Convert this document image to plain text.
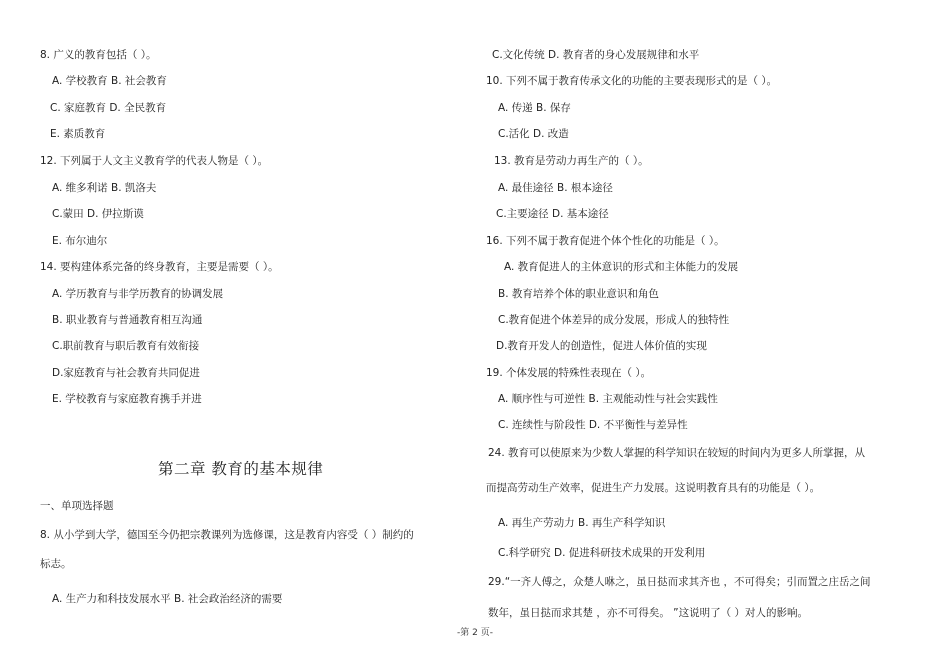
8. 广义的教育包括（ ）。
A. 学校教育 B. 社会教育
C. 家庭教育 D. 全民教育
E. 素质教育
12. 下列属于人文主义教育学的代表人物是（ ）。
A. 维多利诺 B. 凯洛夫
C.蒙田 D. 伊拉斯谟
E. 布尔迪尔
14. 要构建体系完备的终身教育，主要是需要（ ）。
A. 学历教育与非学历教育的协调发展
B. 职业教育与普通教育相互沟通
C.职前教育与职后教育有效衔接
D.家庭教育与社会教育共同促进
E. 学校教育与家庭教育携手并进
第二章 教育的基本规律
一、单项选择题
8. 从小学到大学，德国至今仍把宗教课列为选修课，这是教育内容受（ ）制约的
标志。
A. 生产力和科技发展水平 B. 社会政治经济的需要
C.文化传统 D. 教育者的身心发展规律和水平
10. 下列不属于教育传承文化的功能的主要表现形式的是（ ）。
A. 传递 B. 保存
C.活化 D. 改造
13. 教育是劳动力再生产的（ ）。
A. 最佳途径 B. 根本途径
C.主要途径 D. 基本途径
16. 下列不属于教育促进个体个性化的功能是（ ）。
A. 教育促进人的主体意识的形式和主体能力的发展
B. 教育培养个体的职业意识和角色
C.教育促进个体差异的成分发展，形成人的独特性
D.教育开发人的创造性，促进人体价值的实现
19. 个体发展的特殊性表现在（ ）。
A. 顺序性与可逆性 B. 主观能动性与社会实践性
C. 连续性与阶段性 D. 不平衡性与差异性
24. 教育可以使原来为少数人掌握的科学知识在较短的时间内为更多人所掌握，从
而提高劳动生产效率，促进生产力发展。这说明教育具有的功能是（ ）。
A. 再生产劳动力 B. 再生产科学知识
C.科学研究 D. 促进科研技术成果的开发利用
29.“一齐人傅之，众楚人咻之，虽日挞而求其齐也 ，不可得矣；引而置之庄岳之间
数年，虽日挞而求其楚 ，亦不可得矣。 ”这说明了（ ）对人的影响。
-第 2 页-
